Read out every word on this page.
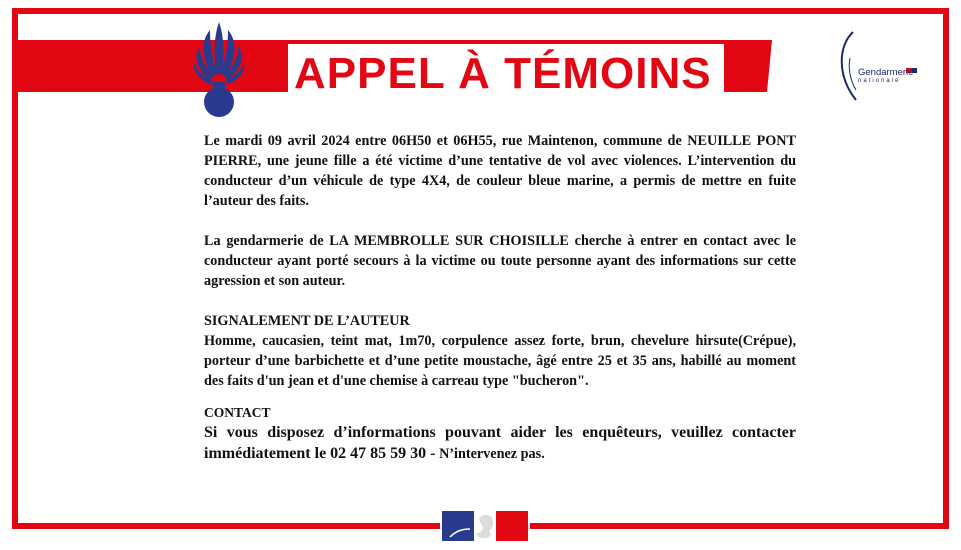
APPEL À TÉMOINS	Gendarmerie
nationale

Le mardi 09 avril 2024 entre 06H50 et 06H55, rue Maintenon, commune de NEUILLE PONT PIERRE, une jeune fille a été victime d’une tentative de vol avec violences. L’intervention du conducteur d’un véhicule de type 4X4, de couleur bleue marine, a permis de mettre en fuite l’auteur des faits.

La gendarmerie de LA MEMBROLLE SUR CHOISILLE cherche à entrer en contact avec le conducteur ayant porté secours à la victime ou toute personne ayant des informations sur cette agression et son auteur.

SIGNALEMENT DE L’AUTEUR

Homme, caucasien, teint mat, 1m70, corpulence assez forte, brun, chevelure hirsute(Crépue), porteur d’une barbichette et d’une petite moustache, âgé entre 25 et 35 ans, habillé au moment des faits d'un jean et d'une chemise à carreau type "bucheron".

CONTACT

Si vous disposez d’informations pouvant aider les enquêteurs, veuillez contacter immédiatement le 02 47 85 59 30 - N’intervenez pas.
